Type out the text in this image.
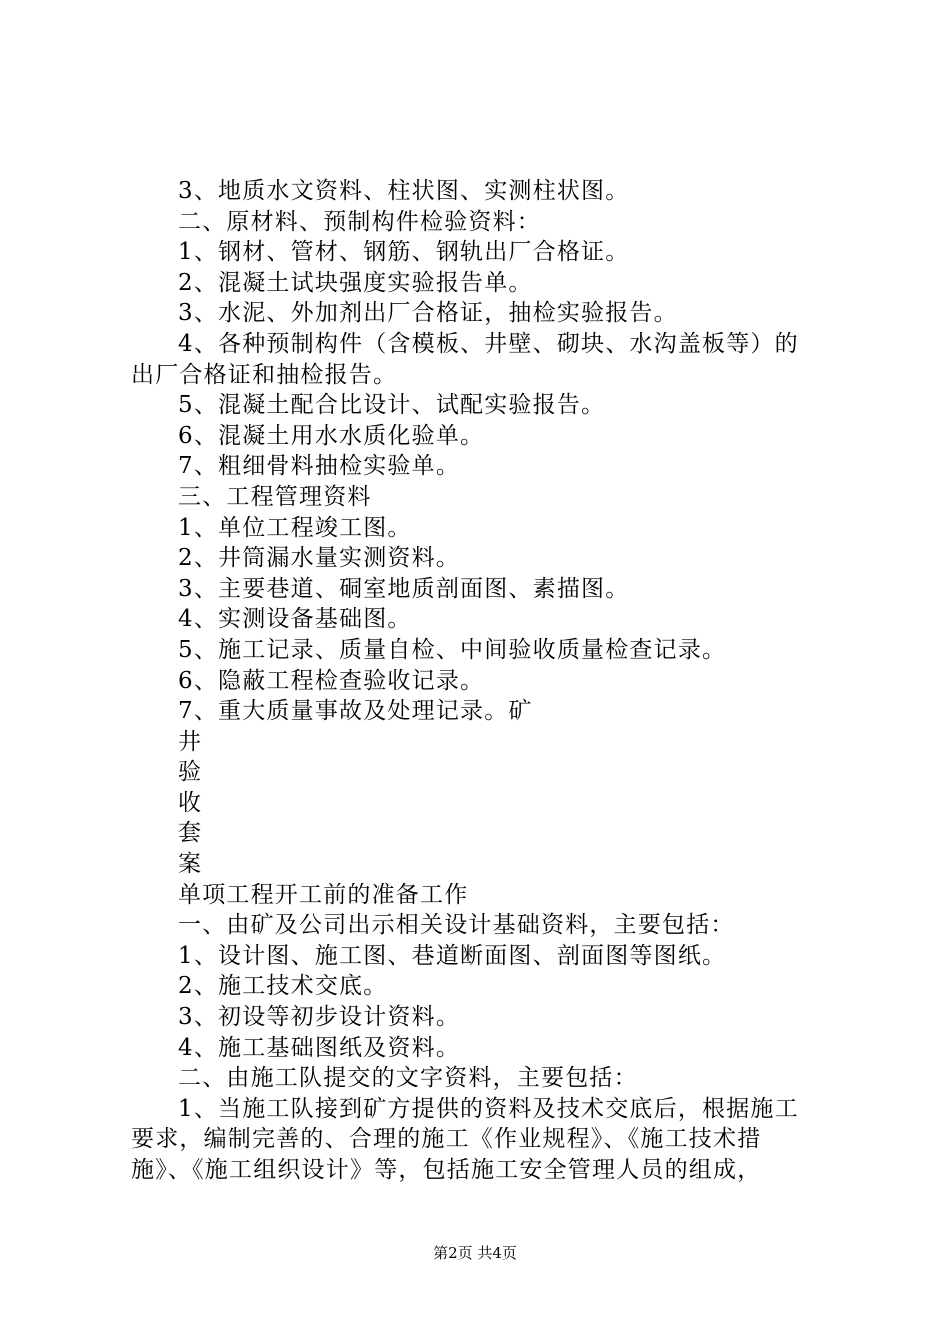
3、地质水文资料、柱状图、实测柱状图。
二、原材料、预制构件检验资料：
1、钢材、管材、钢筋、钢轨出厂合格证。
2、混凝土试块强度实验报告单。
3、水泥、外加剂出厂合格证，抽检实验报告。
4、各种预制构件（含模板、井壁、砌块、水沟盖板等）的
出厂合格证和抽检报告。
5、混凝土配合比设计、试配实验报告。
6、混凝土用水水质化验单。
7、粗细骨料抽检实验单。
三、工程管理资料
1、单位工程竣工图。
2、井筒漏水量实测资料。
3、主要巷道、硐室地质剖面图、素描图。
4、实测设备基础图。
5、施工记录、质量自检、中间验收质量检查记录。
6、隐蔽工程检查验收记录。
7、重大质量事故及处理记录。矿
井
验
收
套
案
单项工程开工前的准备工作
一、由矿及公司出示相关设计基础资料，主要包括：
1、设计图、施工图、巷道断面图、剖面图等图纸。
2、施工技术交底。
3、初设等初步设计资料。
4、施工基础图纸及资料。
二、由施工队提交的文字资料，主要包括：
1、当施工队接到矿方提供的资料及技术交底后，根据施工
要求，编制完善的、合理的施工《作业规程》、《施工技术措
施》、《施工组织设计》等，包括施工安全管理人员的组成，
第2页 共4页
